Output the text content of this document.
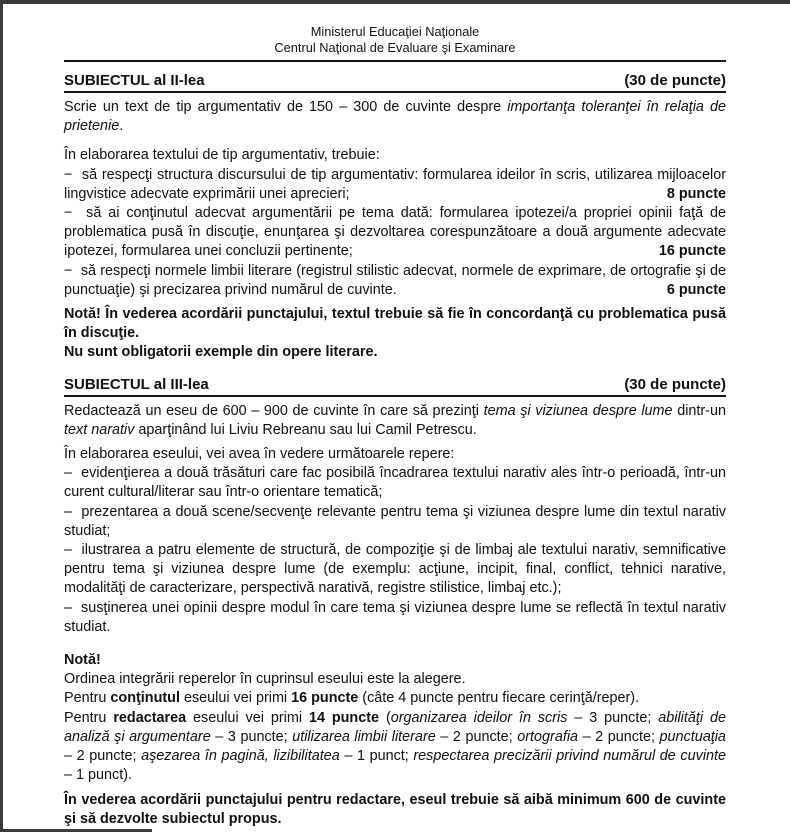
Ministerul Educaţiei Naţionale
Centrul Naţional de Evaluare şi Examinare
SUBIECTUL al II-lea	(30 de puncte)

Scrie un text de tip argumentativ de 150 – 300 de cuvinte despre importanţa toleranţei în relaţia de prietenie.

În elaborarea textului de tip argumentativ, trebuie:

−  să respecţi structura discursului de tip argumentativ: formularea ideilor în scris, utilizarea mijloacelor lingvistice adecvate exprimării unei aprecieri;	8 puncte

−  să ai conţinutul adecvat argumentării pe tema dată: formularea ipotezei/a propriei opinii faţă de problematica pusă în discuţie, enunţarea şi dezvoltarea corespunzătoare a două argumente adecvate ipotezei, formularea unei concluzii pertinente;	16 puncte

−  să respecţi normele limbii literare (registrul stilistic adecvat, normele de exprimare, de ortografie şi de punctuaţie) şi precizarea privind numărul de cuvinte.	6 puncte

Notă! În vederea acordării punctajului, textul trebuie să fie în concordanţă cu problematica pusă în discuţie.

Nu sunt obligatorii exemple din opere literare.

SUBIECTUL al III-lea	(30 de puncte)

Redactează un eseu de 600 – 900 de cuvinte în care să prezinţi tema şi viziunea despre lume dintr-un text narativ aparţinând lui Liviu Rebreanu sau lui Camil Petrescu.

În elaborarea eseului, vei avea în vedere următoarele repere:

–  evidenţierea a două trăsături care fac posibilă încadrarea textului narativ ales într-o perioadă, într-un curent cultural/literar sau într-o orientare tematică;

–  prezentarea a două scene/secvenţe relevante pentru tema şi viziunea despre lume din textul narativ studiat;

–  ilustrarea a patru elemente de structură, de compoziţie şi de limbaj ale textului narativ, semnificative pentru tema şi viziunea despre lume (de exemplu: acţiune, incipit, final, conflict, tehnici narative, modalităţi de caracterizare, perspectivă narativă, registre stilistice, limbaj etc.);

–  susţinerea unei opinii despre modul în care tema şi viziunea despre lume se reflectă în textul narativ studiat.

Notă!

Ordinea integrării reperelor în cuprinsul eseului este la alegere.

Pentru conţinutul eseului vei primi 16 puncte (câte 4 puncte pentru fiecare cerinţă/reper).

Pentru redactarea eseului vei primi 14 puncte (organizarea ideilor în scris – 3 puncte; abilităţi de analiză şi argumentare – 3 puncte; utilizarea limbii literare – 2 puncte; ortografia – 2 puncte; punctuaţia – 2 puncte; aşezarea în pagină, lizibilitatea – 1 punct; respectarea precizării privind numărul de cuvinte – 1 punct).

În vederea acordării punctajului pentru redactare, eseul trebuie să aibă minimum 600 de cuvinte şi să dezvolte subiectul propus.
